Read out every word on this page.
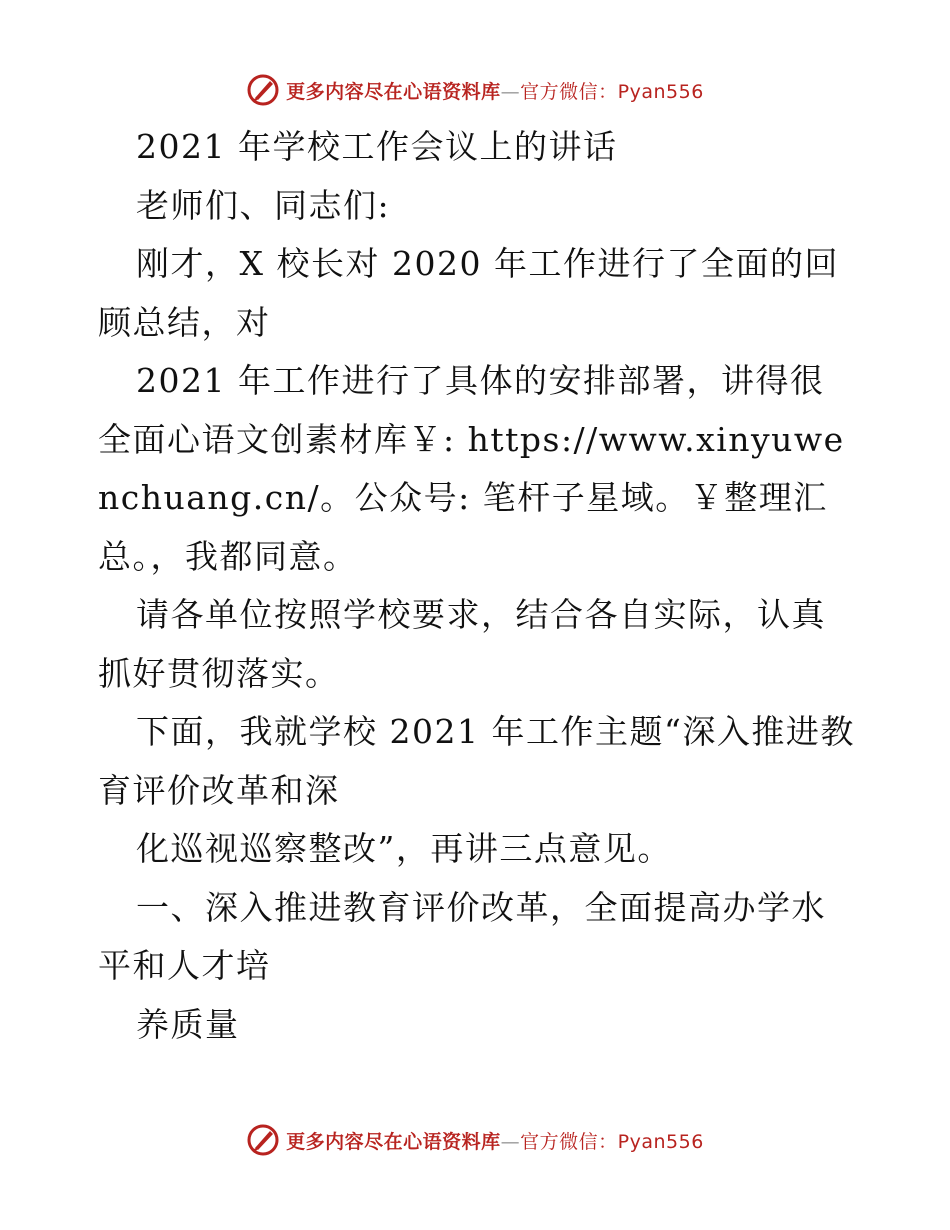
更多内容尽在心语资料库—官方微信：Pyan556

2021 年学校工作会议上的讲话

老师们、同志们:

刚才，X 校长对 2020 年工作进行了全面的回顾总结，对

2021 年工作进行了具体的安排部署，讲得很全面心语文创素材库￥: https://www.xinyuwenchuang.cn/。公众号: 笔杆子星域。￥整理汇总。，我都同意。

请各单位按照学校要求，结合各自实际，认真抓好贯彻落实。

下面，我就学校 2021 年工作主题“深入推进教育评价改革和深

化巡视巡察整改”，再讲三点意见。

一、深入推进教育评价改革，全面提高办学水平和人才培

养质量

更多内容尽在心语资料库—官方微信：Pyan556
